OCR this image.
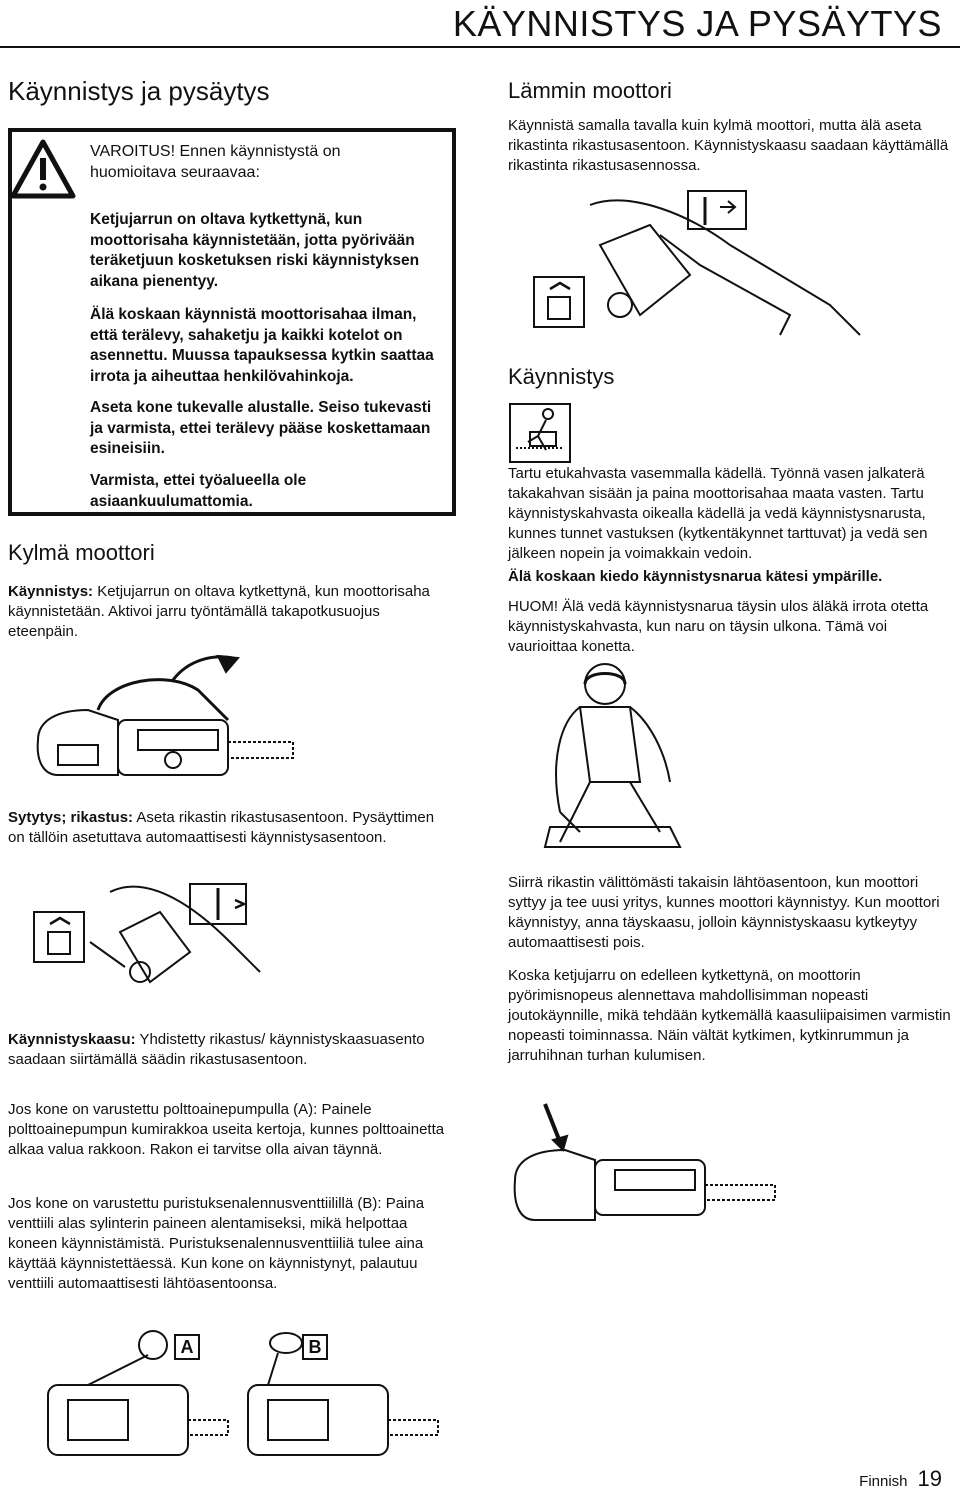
KÄYNNISTYS JA PYSÄYTYS
Käynnistys ja pysäytys
VAROITUS! Ennen käynnistystä on huomioitava seuraavaa:
Ketjujarrun on oltava kytkettynä, kun moottorisaha käynnistetään, jotta pyörivään teräketjuun kosketuksen riski käynnistyksen aikana pienentyy.
Älä koskaan käynnistä moottorisahaa ilman, että terälevy, sahaketju ja kaikki kotelot on asennettu. Muussa tapauksessa kytkin saattaa irrota ja aiheuttaa henkilövahinkoja.
Aseta kone tukevalle alustalle. Seiso tukevasti ja varmista, ettei terälevy pääse koskettamaan esineisiin.
Varmista, ettei työalueella ole asiaankuulumattomia.
Kylmä moottori
Käynnistys: Ketjujarrun on oltava kytkettynä, kun moottorisaha käynnistetään. Aktivoi jarru työntämällä takapotkusuojus eteenpäin.
Sytytys; rikastus: Aseta rikastin rikastusasentoon. Pysäyttimen on tällöin asetuttava automaattisesti käynnistysasentoon.
Käynnistyskaasu: Yhdistetty rikastus/ käynnistyskaasuasento saadaan siirtämällä säädin rikastusasentoon.
Jos kone on varustettu polttoainepumpulla (A): Painele polttoainepumpun kumirakkoa useita kertoja, kunnes polttoainetta alkaa valua rakkoon. Rakon ei tarvitse olla aivan täynnä.
Jos kone on varustettu puristuksenalennusventtiilillä (B): Paina venttiili alas sylinterin paineen alentamiseksi, mikä helpottaa koneen käynnistämistä. Puristuksenalennusventtiiliä tulee aina käyttää käynnistettäessä. Kun kone on käynnistynyt, palautuu venttiili automaattisesti lähtöasentoonsa.
A	B
Lämmin moottori
Käynnistä samalla tavalla kuin kylmä moottori, mutta älä aseta rikastinta rikastusasentoon. Käynnistyskaasu saadaan käyttämällä rikastinta rikastusasennossa.
Käynnistys
Tartu etukahvasta vasemmalla kädellä. Työnnä vasen jalkaterä takakahvan sisään ja paina moottorisahaa maata vasten. Tartu käynnistyskahvasta oikealla kädellä ja vedä käynnistysnarusta, kunnes tunnet vastuksen (kytkentäkynnet tarttuvat) ja vedä sen jälkeen nopein ja voimakkain vedoin.
Älä koskaan kiedo käynnistysnarua kätesi ympärille.
HUOM! Älä vedä käynnistysnarua täysin ulos äläkä irrota otetta käynnistyskahvasta, kun naru on täysin ulkona. Tämä voi vaurioittaa konetta.
Siirrä rikastin välittömästi takaisin lähtöasentoon, kun moottori syttyy ja tee uusi yritys, kunnes moottori käynnistyy. Kun moottori käynnistyy, anna täyskaasu, jolloin käynnistyskaasu kytkeytyy automaattisesti pois.
Koska ketjujarru on edelleen kytkettynä, on moottorin pyörimisnopeus alennettava mahdollisimman nopeasti joutokäynnille, mikä tehdään kytkemällä kaasuliipaisimen varmistin nopeasti toiminnassa. Näin vältät kytkimen, kytkinrummun ja jarruhihnan turhan kulumisen.
Finnish 19
